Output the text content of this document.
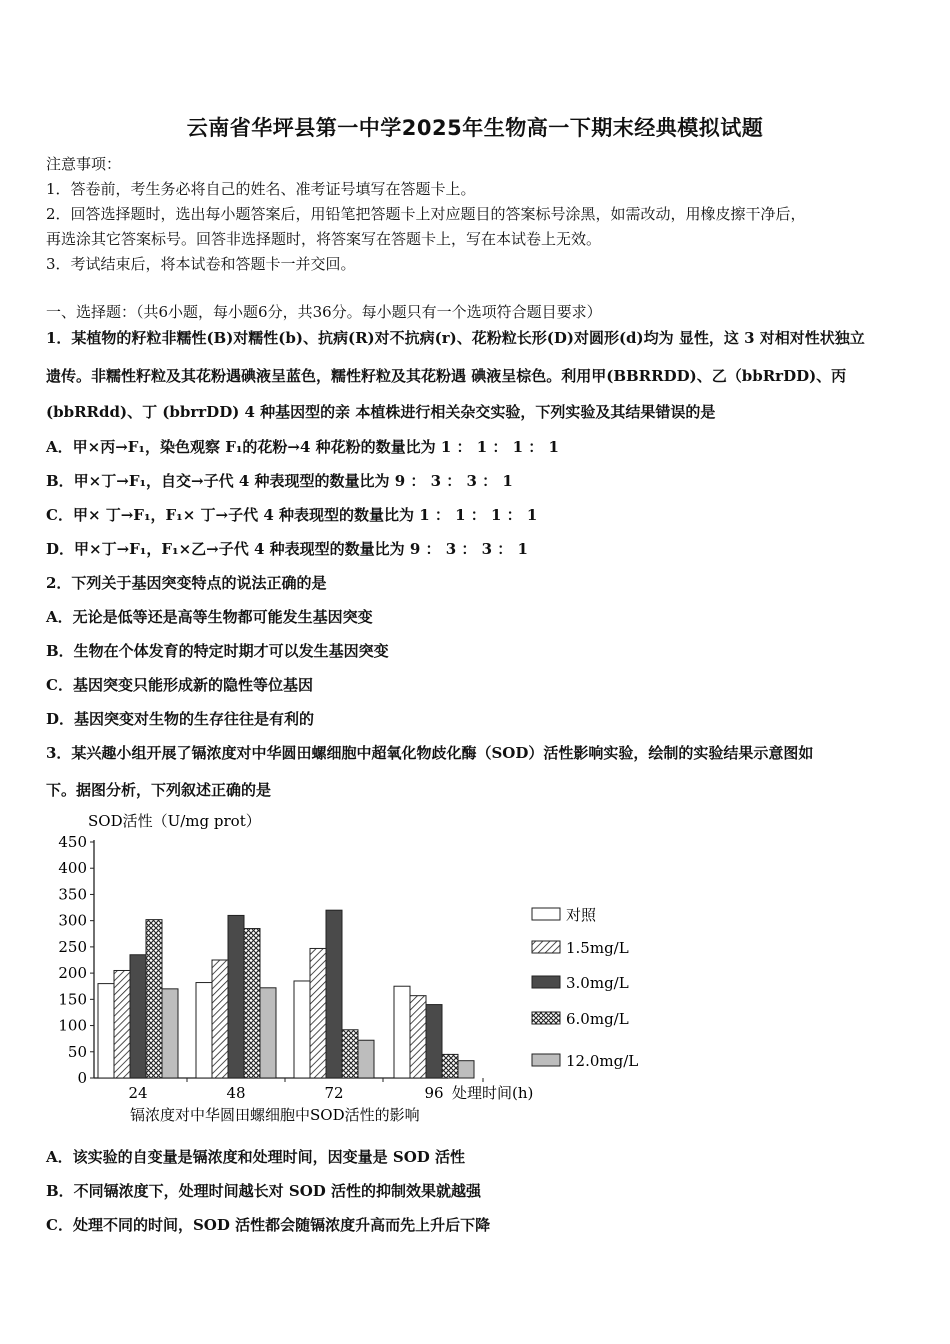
云南省华坪县第一中学2025年生物高一下期末经典模拟试题
注意事项：
1．答卷前，考生务必将自己的姓名、准考证号填写在答题卡上。
2．回答选择题时，选出每小题答案后，用铅笔把答题卡上对应题目的答案标号涂黑，如需改动，用橡皮擦干净后，
再选涂其它答案标号。回答非选择题时，将答案写在答题卡上，写在本试卷上无效。
3．考试结束后，将本试卷和答题卡一并交回。
一、选择题：（共6小题，每小题6分，共36分。每小题只有一个选项符合题目要求）
1．某植物的籽粒非糯性(B)对糯性(b)、抗病(R)对不抗病(r)、花粉粒长形(D)对圆形(d)均为 显性，这 3 对相对性状独立
遗传。非糯性籽粒及其花粉遇碘液呈蓝色，糯性籽粒及其花粉遇 碘液呈棕色。利用甲(BBRRDD)、乙（bbRrDD)、丙
(bbRRdd)、丁 (bbrrDD) 4 种基因型的亲 本植株进行相关杂交实验，下列实验及其结果错误的是
A．甲×丙→F₁，染色观察 F₁的花粉→4 种花粉的数量比为 1 ： 1 ： 1 ： 1
B．甲×丁→F₁，自交→子代 4 种表现型的数量比为 9 ： 3 ： 3 ： 1
C．甲× 丁→F₁，F₁× 丁→子代 4 种表现型的数量比为 1 ： 1 ： 1 ： 1
D．甲×丁→F₁，F₁×乙→子代 4 种表现型的数量比为 9 ： 3 ： 3 ： 1
2．下列关于基因突变特点的说法正确的是
A．无论是低等还是高等生物都可能发生基因突变
B．生物在个体发育的特定时期才可以发生基因突变
C．基因突变只能形成新的隐性等位基因
D．基因突变对生物的生存往往是有利的
3．某兴趣小组开展了镉浓度对中华圆田螺细胞中超氧化物歧化酶（SOD）活性影响实验，绘制的实验结果示意图如
下。据图分析，下列叙述正确的是
SOD活性（U/mg prot）
0
50
100
150
200
250
300
350
400
450
24	48	72	96 处理时间(h)
对照
1.5mg/L
3.0mg/L
6.0mg/L
12.0mg/L
镉浓度对中华圆田螺细胞中SOD活性的影响
A．该实验的自变量是镉浓度和处理时间，因变量是 SOD 活性
B．不同镉浓度下，处理时间越长对 SOD 活性的抑制效果就越强
C．处理不同的时间，SOD 活性都会随镉浓度升高而先上升后下降
